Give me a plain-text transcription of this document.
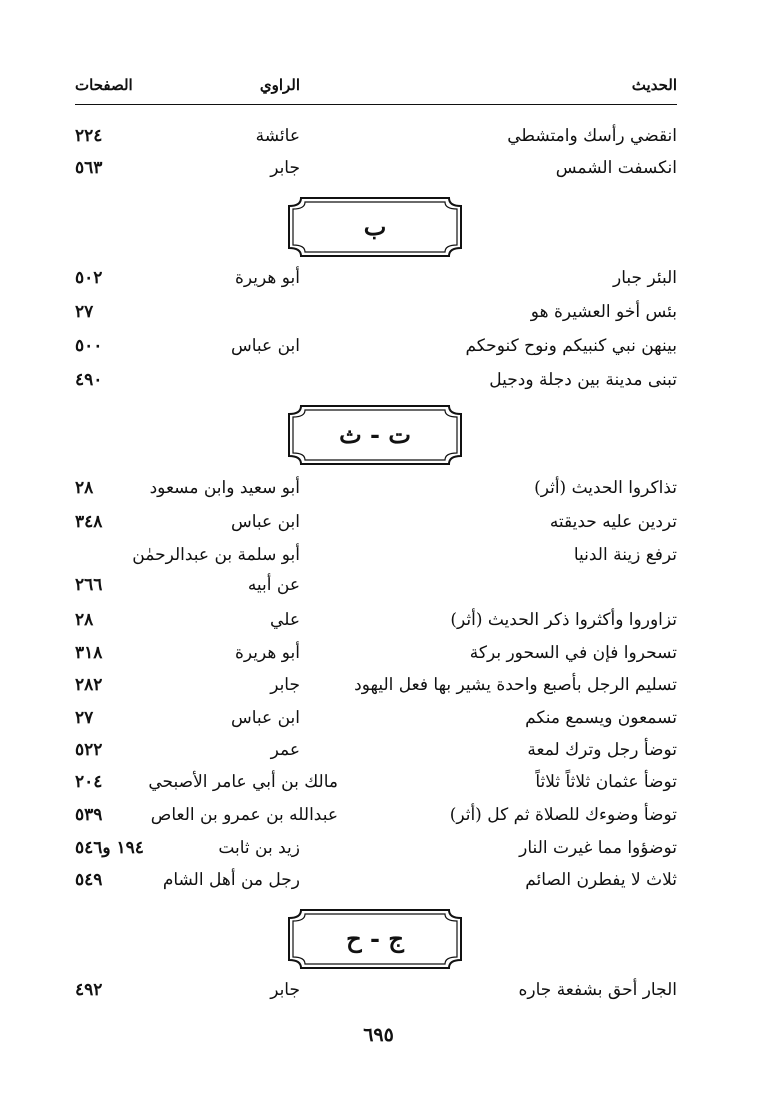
الحديث
الراوي
الصفحات
انقضي رأسك وامتشطي
عائشة
٢٢٤
انكسفت الشمس
جابر
٥٦٣
ب
البئر جبار
أبو هريرة
٥٠٢
بئس أخو العشيرة هو
٢٧
بينهن نبي كنبيكم ونوح كنوحكم
ابن عباس
٥٠٠
تبنى مدينة بين دجلة ودجيل
٤٩٠
ت - ث
تذاكروا الحديث (أثر)
أبو سعيد وابن مسعود
٢٨
تردين عليه حديقته
ابن عباس
٣٤٨
ترفع زينة الدنيا
أبو سلمة بن عبدالرحمٰن
عن أبيه
٢٦٦
تزاوروا وأكثروا ذكر الحديث (أثر)
علي
٢٨
تسحروا فإن في السحور بركة
أبو هريرة
٣١٨
تسليم الرجل بأصبع واحدة يشير بها فعل اليهود
جابر
٢٨٢
تسمعون ويسمع منكم
ابن عباس
٢٧
توضأ رجل وترك لمعة
عمر
٥٢٢
توضأ عثمان ثلاثاً ثلاثاً
مالك بن أبي عامر الأصبحي
٢٠٤
توضأ وضوءك للصلاة ثم كل (أثر)
عبدالله بن عمرو بن العاص
٥٣٩
توضؤوا مما غيرت النار
زيد بن ثابت
١٩٤ و٥٤٦
ثلاث لا يفطرن الصائم
رجل من أهل الشام
٥٤٩
ج - ح
الجار أحق بشفعة جاره
جابر
٤٩٢
٦٩٥
